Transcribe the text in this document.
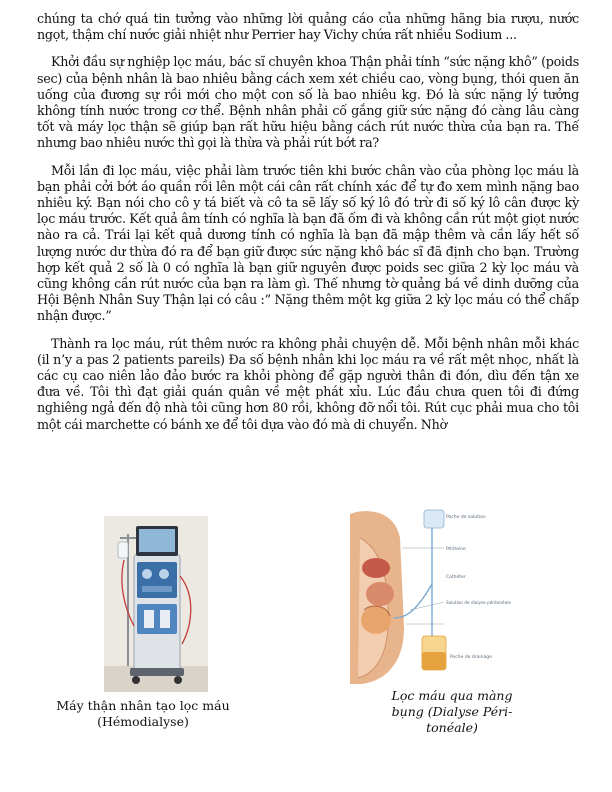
chúng ta chớ quá tin tưởng vào những lời quảng cáo của những hãng bia rượu, nước ngọt, thậm chí nước giải nhiệt như Perrier hay Vichy chứa rất nhiều Sodium ...

Khởi đầu sự nghiệp lọc máu, bác sĩ chuyên khoa Thận phải tính “sức nặng khô” (poids sec) của bệnh nhân là bao nhiêu bằng cách xem xét chiều cao, vòng bụng, thói quen ăn uống của đương sự rồi mới cho một con số là bao nhiêu kg. Đó là sức nặng lý tưởng không tính nước trong cơ thể. Bệnh nhân phải cố gắng giữ sức nặng đó càng lâu càng tốt và máy lọc thận sẽ giúp bạn rất hữu hiệu bằng cách rút nước thừa của bạn ra. Thế nhưng bao nhiêu nước thì gọi là thừa và phải rút bớt ra?

Mỗi lần đi lọc máu, việc phải làm trước tiên khi bước chân vào của phòng lọc máu là bạn phải cởi bớt áo quần rồi lên một cái cân rất chính xác để tự đo xem mình nặng bao nhiêu ký. Bạn nói cho cô y tá biết và cô ta sẽ lấy số ký lô đó trừ đi số ký lô cân được kỳ lọc máu trước. Kết quả âm tính có nghĩa là bạn đã ốm đi và không cần rút một giọt nước nào ra cả. Trái lại kết quả dương tính có nghĩa là bạn đã mập thêm và cần lấy hết số lượng nước dư thừa đó ra để bạn giữ được sức nặng khô bác sĩ đã định cho bạn. Trường hợp kết quả 2 số là 0 có nghĩa là bạn giữ nguyên được poids sec giữa 2 kỳ lọc máu và cũng không cần rút nước của bạn ra làm gì. Thế nhưng tờ quảng bá về dinh dưỡng của Hội Bệnh Nhân Suy Thận lại có câu :” Nặng thêm một kg giữa 2 kỳ lọc máu có thể chấp nhận được.”

Thành ra lọc máu, rút thêm nước ra không phải chuyện dễ. Mỗi bệnh nhân mỗi khác (il n’y a pas 2 patients pareils) Đa số bệnh nhân khi lọc máu ra về rất mệt nhọc, nhất là các cụ cao niên lảo đảo bước ra khỏi phòng để gặp người thân đi đón, dìu đến tận xe đưa về. Tôi thì đạt giải quán quân về mệt phát xỉu. Lúc đầu chưa quen tôi đi đứng nghiêng ngả đến độ nhà tôi cũng hơn 80 rồi, không đỡ nổi tôi. Rút cục phải mua cho tôi một cái marchette có bánh xe để tôi dựa vào đó mà di chuyển. Nhờ

Máy thận nhân tạo lọc máu (Hémodialyse)
Poche de solution
Péritoine
Cathéter
Solution de dialyse péritonéale
Poche de drainage
Lọc máu qua màng bụng (Dialyse Péri- tonéale)
